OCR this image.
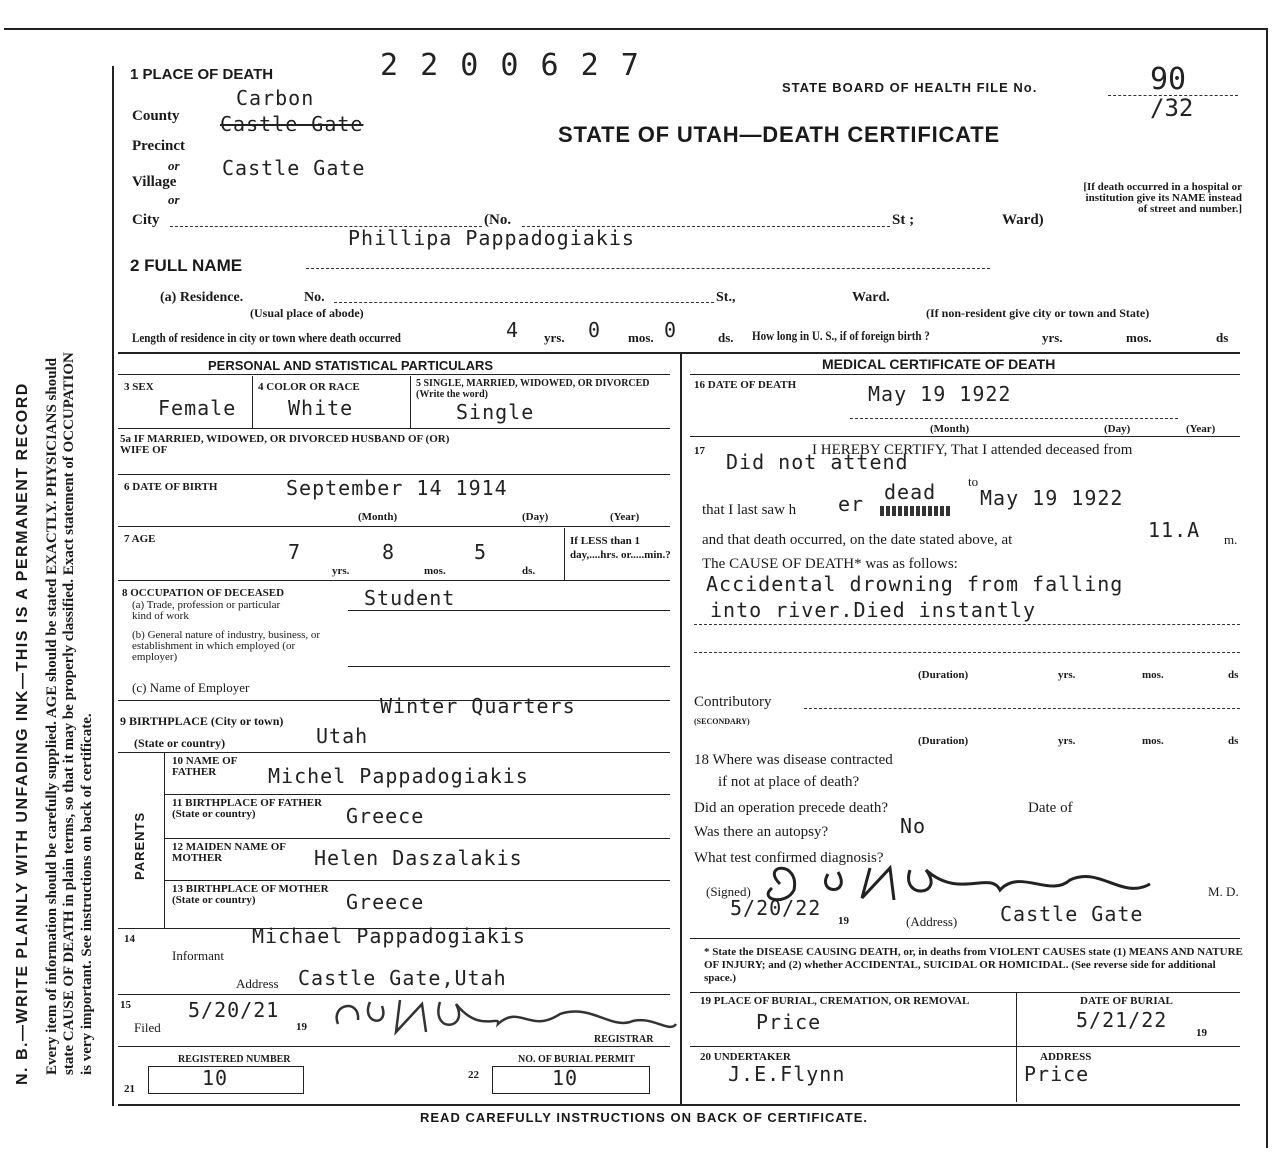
N. B.—WRITE PLAINLY WITH UNFADING INK—THIS IS A PERMANENT RECORD Every item of information should be carefully supplied. AGE should be stated EXACTLY. PHYSICIANS should state CAUSE OF DEATH in plain terms, so that it may be properly classified. Exact statement of OCCUPATION is very important. See instructions on back of certificate.
1 PLACE OF DEATH	2 2 0 0 6 2 7
STATE BOARD OF HEALTH FILE No.	90
/32
STATE OF UTAH—DEATH CERTIFICATE
[If death occurred in a hospital or institution give its NAME instead of street and number.]
Carbon
County Castle Gate
Precinct
or Castle Gate
Village
or
City	(No.	St ;	Ward)
Phillipa Pappadogiakis
2 FULL NAME
(a) Residence.	No.
(Usual place of abode)
St.,	Ward.
(If non-resident give city or town and State)
Length of residence in city or town where death occurred	4 yrs. 0 mos. 0	ds. How long in U. S., if of foreign birth ?	yrs.	mos.	ds
PERSONAL AND STATISTICAL PARTICULARS
3 SEX
Female
4 COLOR OR RACE
White
5 SINGLE, MARRIED, WIDOWED, OR DIVORCED (Write the word)
Single
5a IF MARRIED, WIDOWED, OR DIVORCED HUSBAND OF (OR) WIFE OF
6 DATE OF BIRTH	September 14 1914
(Month)	(Day)	(Year)
7 AGE
7	8	5
yrs.	mos.	ds.
If LESS than 1 day,....hrs. or.....min.?
8 OCCUPATION OF DECEASED
(a) Trade, profession or particular kind of work
Student
(b) General nature of industry, business, or establishment in which employed (or employer)
(c) Name of Employer
Winter Quarters
9 BIRTHPLACE (City or town)
Utah
(State or country)
PARENTS
10 NAME OF FATHER	Michel Pappadogiakis
11 BIRTHPLACE OF FATHER (State or country)	Greece
12 MAIDEN NAME OF MOTHER	Helen Daszalakis
13 BIRTHPLACE OF MOTHER (State or country)	Greece
14	Michael Pappadogiakis
Informant
Address Castle Gate,Utah
15	5/20/21
Filed	19
REGISTRAR
REGISTERED NUMBER
21	10
NO. OF BURIAL PERMIT
22	10
MEDICAL CERTIFICATE OF DEATH
16 DATE OF DEATH	May 19 1922
(Month)	(Day)	(Year)
17	I HEREBY CERTIFY, That I attended deceased from
Did not attend
to
that I last saw h er dead May 19 1922
and that death occurred, on the date stated above, at	11.A m.
The CAUSE OF DEATH* was as follows:
Accidental drowning from falling
into river.Died instantly
(Duration)	yrs.	mos.	ds
Contributory
(SECONDARY)
(Duration)	yrs.	mos.	ds
18 Where was disease contracted
if not at place of death?
Did an operation precede death?	Date of
Was there an autopsy?	No
What test confirmed diagnosis?
(Signed)	M. D.
5/20/22
19	(Address) Castle Gate
* State the DISEASE CAUSING DEATH, or, in deaths from VIOLENT CAUSES state (1) MEANS AND NATURE OF INJURY; and (2) whether ACCIDENTAL, SUICIDAL OR HOMICIDAL. (See reverse side for additional space.)
19 PLACE OF BURIAL, CREMATION, OR REMOVAL
Price
DATE OF BURIAL
5/21/22
19
20 UNDERTAKER
J.E.Flynn
ADDRESS
Price
READ CAREFULLY INSTRUCTIONS ON BACK OF CERTIFICATE.
